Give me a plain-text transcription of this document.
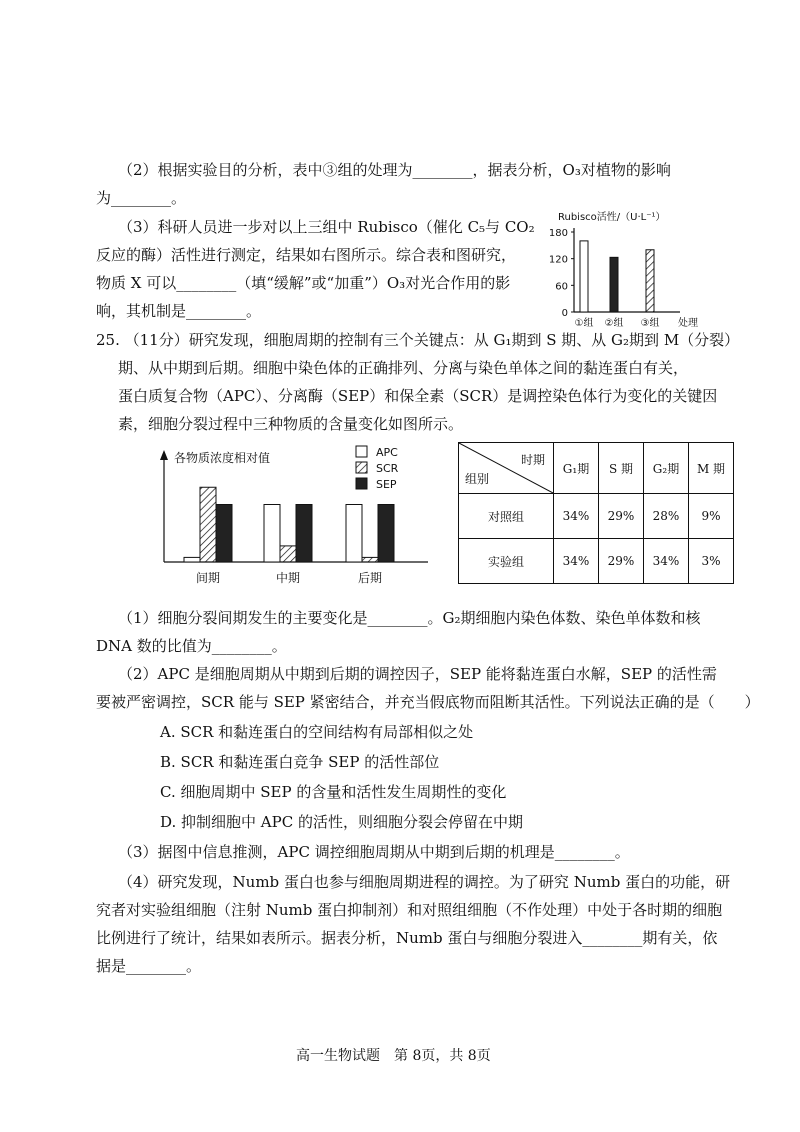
（2）根据实验目的分析，表中③组的处理为________，据表分析，O₃对植物的影响
为________。
（3）科研人员进一步对以上三组中 Rubisco（催化 C₅与 CO₂
反应的酶）活性进行测定，结果如右图所示。综合表和图研究，
物质 X 可以________（填“缓解”或“加重”）O₃对光合作用的影
响，其机制是________。
Rubisco活性/（U·L⁻¹）
0
60
120
180
①组 ②组 ③组 处理
25. （11分）研究发现，细胞周期的控制有三个关键点：从 G₁期到 S 期、从 G₂期到 M（分裂）
期、从中期到后期。细胞中染色体的正确排列、分离与染色单体之间的黏连蛋白有关，
蛋白质复合物（APC）、分离酶（SEP）和保全素（SCR）是调控染色体行为变化的关键因
素，细胞分裂过程中三种物质的含量变化如图所示。
各物质浓度相对值	APC
SCR
SEP
间期	中期	后期
时期
组别	G₁期	S 期	G₂期	M 期
对照组	34%	29%	28%	9%
实验组	34%	29%	34%	3%
（1）细胞分裂间期发生的主要变化是________。G₂期细胞内染色体数、染色单体数和核
DNA 数的比值为________。
（2）APC 是细胞周期从中期到后期的调控因子，SEP 能将黏连蛋白水解，SEP 的活性需
要被严密调控，SCR 能与 SEP 紧密结合，并充当假底物而阻断其活性。下列说法正确的是（　　）
A. SCR 和黏连蛋白的空间结构有局部相似之处
B. SCR 和黏连蛋白竞争 SEP 的活性部位
C. 细胞周期中 SEP 的含量和活性发生周期性的变化
D. 抑制细胞中 APC 的活性，则细胞分裂会停留在中期
（3）据图中信息推测，APC 调控细胞周期从中期到后期的机理是________。
（4）研究发现，Numb 蛋白也参与细胞周期进程的调控。为了研究 Numb 蛋白的功能，研
究者对实验组细胞（注射 Numb 蛋白抑制剂）和对照组细胞（不作处理）中处于各时期的细胞
比例进行了统计，结果如表所示。据表分析，Numb 蛋白与细胞分裂进入________期有关，依
据是________。
高一生物试题　第 8页，共 8页
